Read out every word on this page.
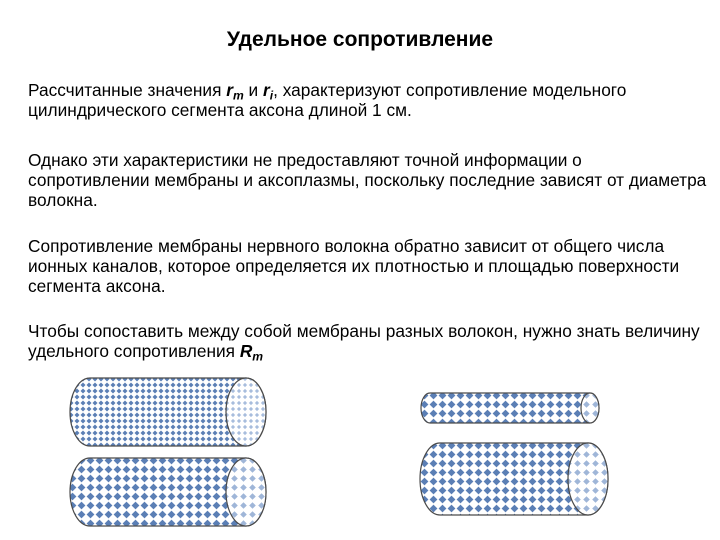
Удельное сопротивление

Рассчитанные значения $r_m$ и $r_i$, характеризуют сопротивление модельного цилиндрического сегмента аксона длиной 1 см.

Однако эти характеристики не предоставляют точной информации о сопротивлении мембраны и аксоплазмы, поскольку последние зависят от диаметра волокна.

Сопротивление мембраны нервного волокна обратно зависит от общего числа ионных каналов, которое определяется их плотностью и площадью поверхности сегмента аксона.

Чтобы сопоставить между собой мембраны разных волокон, нужно знать величину удельного сопротивления $R_m$
